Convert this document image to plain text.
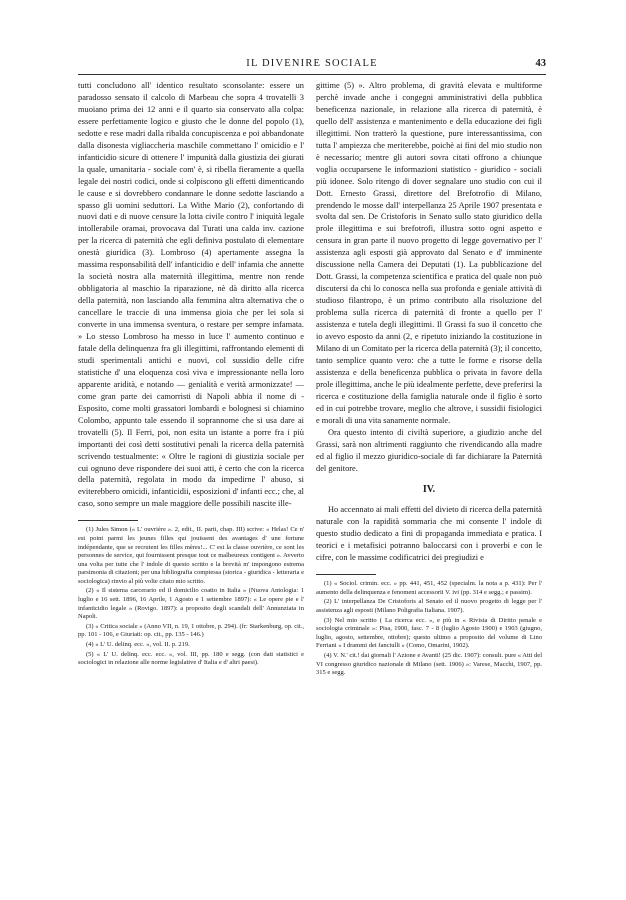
IL DIVENIRE SOCIALE	43

tutti concludono all' identico resultato sconsolante: essere un paradosso sensato il calcolo di Marbeau che sopra 4 trovatelli 3 muoiano prima dei 12 anni e il quarto sia conservato alla colpa: essere perfettamente logico e giusto che le donne del popolo (1), sedotte e rese madri dalla ribalda concupiscenza e poi abbandonate dalla disonesta vigliaccheria maschile commettano l' omicidio e l' infanticidio sicure di ottenere l' impunità dalla giustizia dei giurati la quale, umanitaria - sociale com' è, si ribella fieramente a quella legale dei nostri codici, onde si colpiscono gli effetti dimenticando le cause e si dovrebbero condannare le donne sedotte lasciando a spasso gli uomini seduttori. La Withe Mario (2), confortando di nuovi dati e di nuove censure la lotta civile contro l' iniquità legale intollerabile oramai, provocava dal Turati una calda inv. cazione per la ricerca di paternità che egli definiva postulato di elementare onestà giuridica (3). Lombroso (4) apertamente assegna la massima responsabilità dell' infanticidio e dell' infamia che annette la società nostra alla maternità illegittima, mentre non rende obbligatoria al maschio la riparazione, nè dà diritto alla ricerca della paternità, non lasciando alla femmina altra alternativa che o cancellare le traccie di una immensa gioia che per lei sola si converte in una immensa sventura, o restare per sempre infamata. » Lo stesso Lombroso ha messo in luce l' aumento continuo e fatale della delinquenza fra gli illegittimi, raffrontando elementi di studi sperimentali antichi e nuovi, col sussidio delle cifre statistiche d' una eloquenza così viva e impressionante nella loro apparente aridità, e notando — genialità e verità armonizzate! — come gran parte dei camorristi di Napoli abbia il nome di -Esposito, come molti grassatori lombardi e bolognesi si chiamino Colombo, appunto tale essendo il soprannome che si usa dare ai trovatelli (5). Il Ferri, poi, non esita un istante a porre fra i più importanti dei così detti sostitutivi penali la ricerca della paternità scrivendo testualmente: « Oltre le ragioni di giustizia sociale per cui ognuno deve rispondere dei suoi atti, è certo che con la ricerca della paternità, regolata in modo da impedirne l' abuso, si eviterebbero omicidi, infanticidii, esposizioni d' infanti ecc.; che, al caso, sono sempre un male maggiore delle possibili nascite ille-

(1) Jules Simon (« L' ouvrière ». 2, edit., II. parti, chap. III) scrive: « Helas! Ce n' est point parmi les jeunes filles qui jouissent des avantages d' une fortune indépendante, que se recrutent les filles mères!... C' est la classe ouvrière, ce sont les personnes de service, qui fournissent presque tout ce malheureux contigent ». Avverto una volta per tutte che l' indole di questo scritto e la brevità m' impongono estrema parsimonia di citazioni; per una bibliografia compiessa (storica - giuridica - letteraria e sociologica) rinvio al più volte citato mio scritto.

(2) « Il sistema carcerario ed il domicilio coatto in Italia » (Nuova Antologia: 1 luglio e 16 sett. 1896, 16 Aprile, 1 Agosto e 1 settembre 1897): « Le opere pie e l' infanticidio legale » (Rovigo. 1897): a proposito degli scandali dell' Annunziata in Napoli.

(3) « Critica sociale » (Anno VII, n. 19, 1 ottobre, p. 294). (fr: Starkenburg, op. cit., pp. 101 - 106, e Giuriati: op. cit., pp. 135 - 146.)

(4) « L' U. delinq. ecc. », vol. II. p. 219.

(5) « L' U. delinq. ecc. ecc. », vol. III, pp. 180 e segg. (con dati statistici e sociologici in relazione alle norme legislative d' Italia e d' altri paesi).

gittime (5) ». Altro problema, di gravità elevata e multiforme perchè invade anche i congegni amministrativi della pubblica beneficenza nazionale, in relazione alla ricerca di paternità, è quello dell' assistenza e mantenimento e della educazione dei figli illegittimi. Non tratterò la questione, pure interessantissima, con tutta l' ampiezza che meriterebbe, poichè ai fini del mio studio non è necessario; mentre gli autori sovra citati offrono a chiunque voglia occuparsene le informazioni statistico - giuridico - sociali più idonee. Solo ritengo di dover segnalare uno studio con cui il Dott. Ernesto Grassi, direttore del Brefotrofio di Milano, prendendo le mosse dall' interpellanza 25 Aprile 1907 presentata e svolta dal sen. De Cristoforis in Senato sullo stato giuridico della prole illegittima e sui brefotrofi, illustra sotto ogni aspetto e censura in gran parte il nuovo progetto di legge governativo per l' assistenza agli esposti già approvato dal Senato e d' imminente discussione nella Camera dei Deputati (1). La pubblicazione del Dott. Grassi, la competenza scientifica e pratica del quale non può discutersi da chi lo conosca nella sua profonda e geniale attività di studioso filantropo, è un primo contributo alla risoluzione del problema sulla ricerca di paternità di fronte a quello per l' assistenza e tutela degli illegittimi. Il Grassi fa suo il concetto che io avevo esposto da anni (2, e ripetuto iniziando la costituzione in Milano di un Comitato per la ricerca della paternità (3); il concetto, tanto semplice quanto vero: che a tutte le forme e risorse della assistenza e della beneficenza pubblica o privata in favore della prole illegittima, anche le più idealmente perfette, deve preferirsi la ricerca e costituzione della famiglia naturale onde il figlio è sorto ed in cui potrebbe trovare, meglio che altrove, i sussidii fisiologici e morali di una vita sanamente normale.

Ora questo intento di civiltà superiore, a giudizio anche del Grassi, sarà non altrimenti raggiunto che rivendicando alla madre ed al figlio il mezzo giuridico-sociale di far dichiarare la Paternità del genitore.

IV.

Ho accennato ai mali effetti del divieto di ricerca della paternità naturale con la rapidità sommaria che mi consente l' indole di questo studio dedicato a fini di propaganda immediata e pratica. I teorici e i metafisici potranno baloccarsi con i proverbi e con le cifre, con le massime codificatrici dei pregiudizi e

(1) « Sociol. crimin. ecc. » pp. 441, 451, 452 (specialm. la nota a p. 431): Per l' aumento della delinquenza e fenomeni accessorii V. ivi (pp. 314 e segg.; e passim).

(2) L' interpellanza De Cristoforis al Senato ed il nuovo progetto di legge per l' assistenza agli esposti (Milano Poligrafia Italiana. 1907).

(3) Nel mio scritto ( La ricerca ecc. », e più in « Rivista di Diritto penale e sociologia criminale »: Pisa, 1900, fasc. 7 - 8 (luglio Agosto 1900) e 1903 (giugno, luglio, agosto, settembre, ottobre); questo ultimo a proposito del volume di Lino Ferriani « I drammi dei fanciulli » (Como, Omarini, 1902).

(4) V. N.' cit.! dai giornali l' Azione e Avanti! (25 dic. 1907): consult. pure « Atti del VI congresso giuridico nazionale di Milano (sett. 1906) »: Varese, Macchi, 1907, pp. 315 e segg.
